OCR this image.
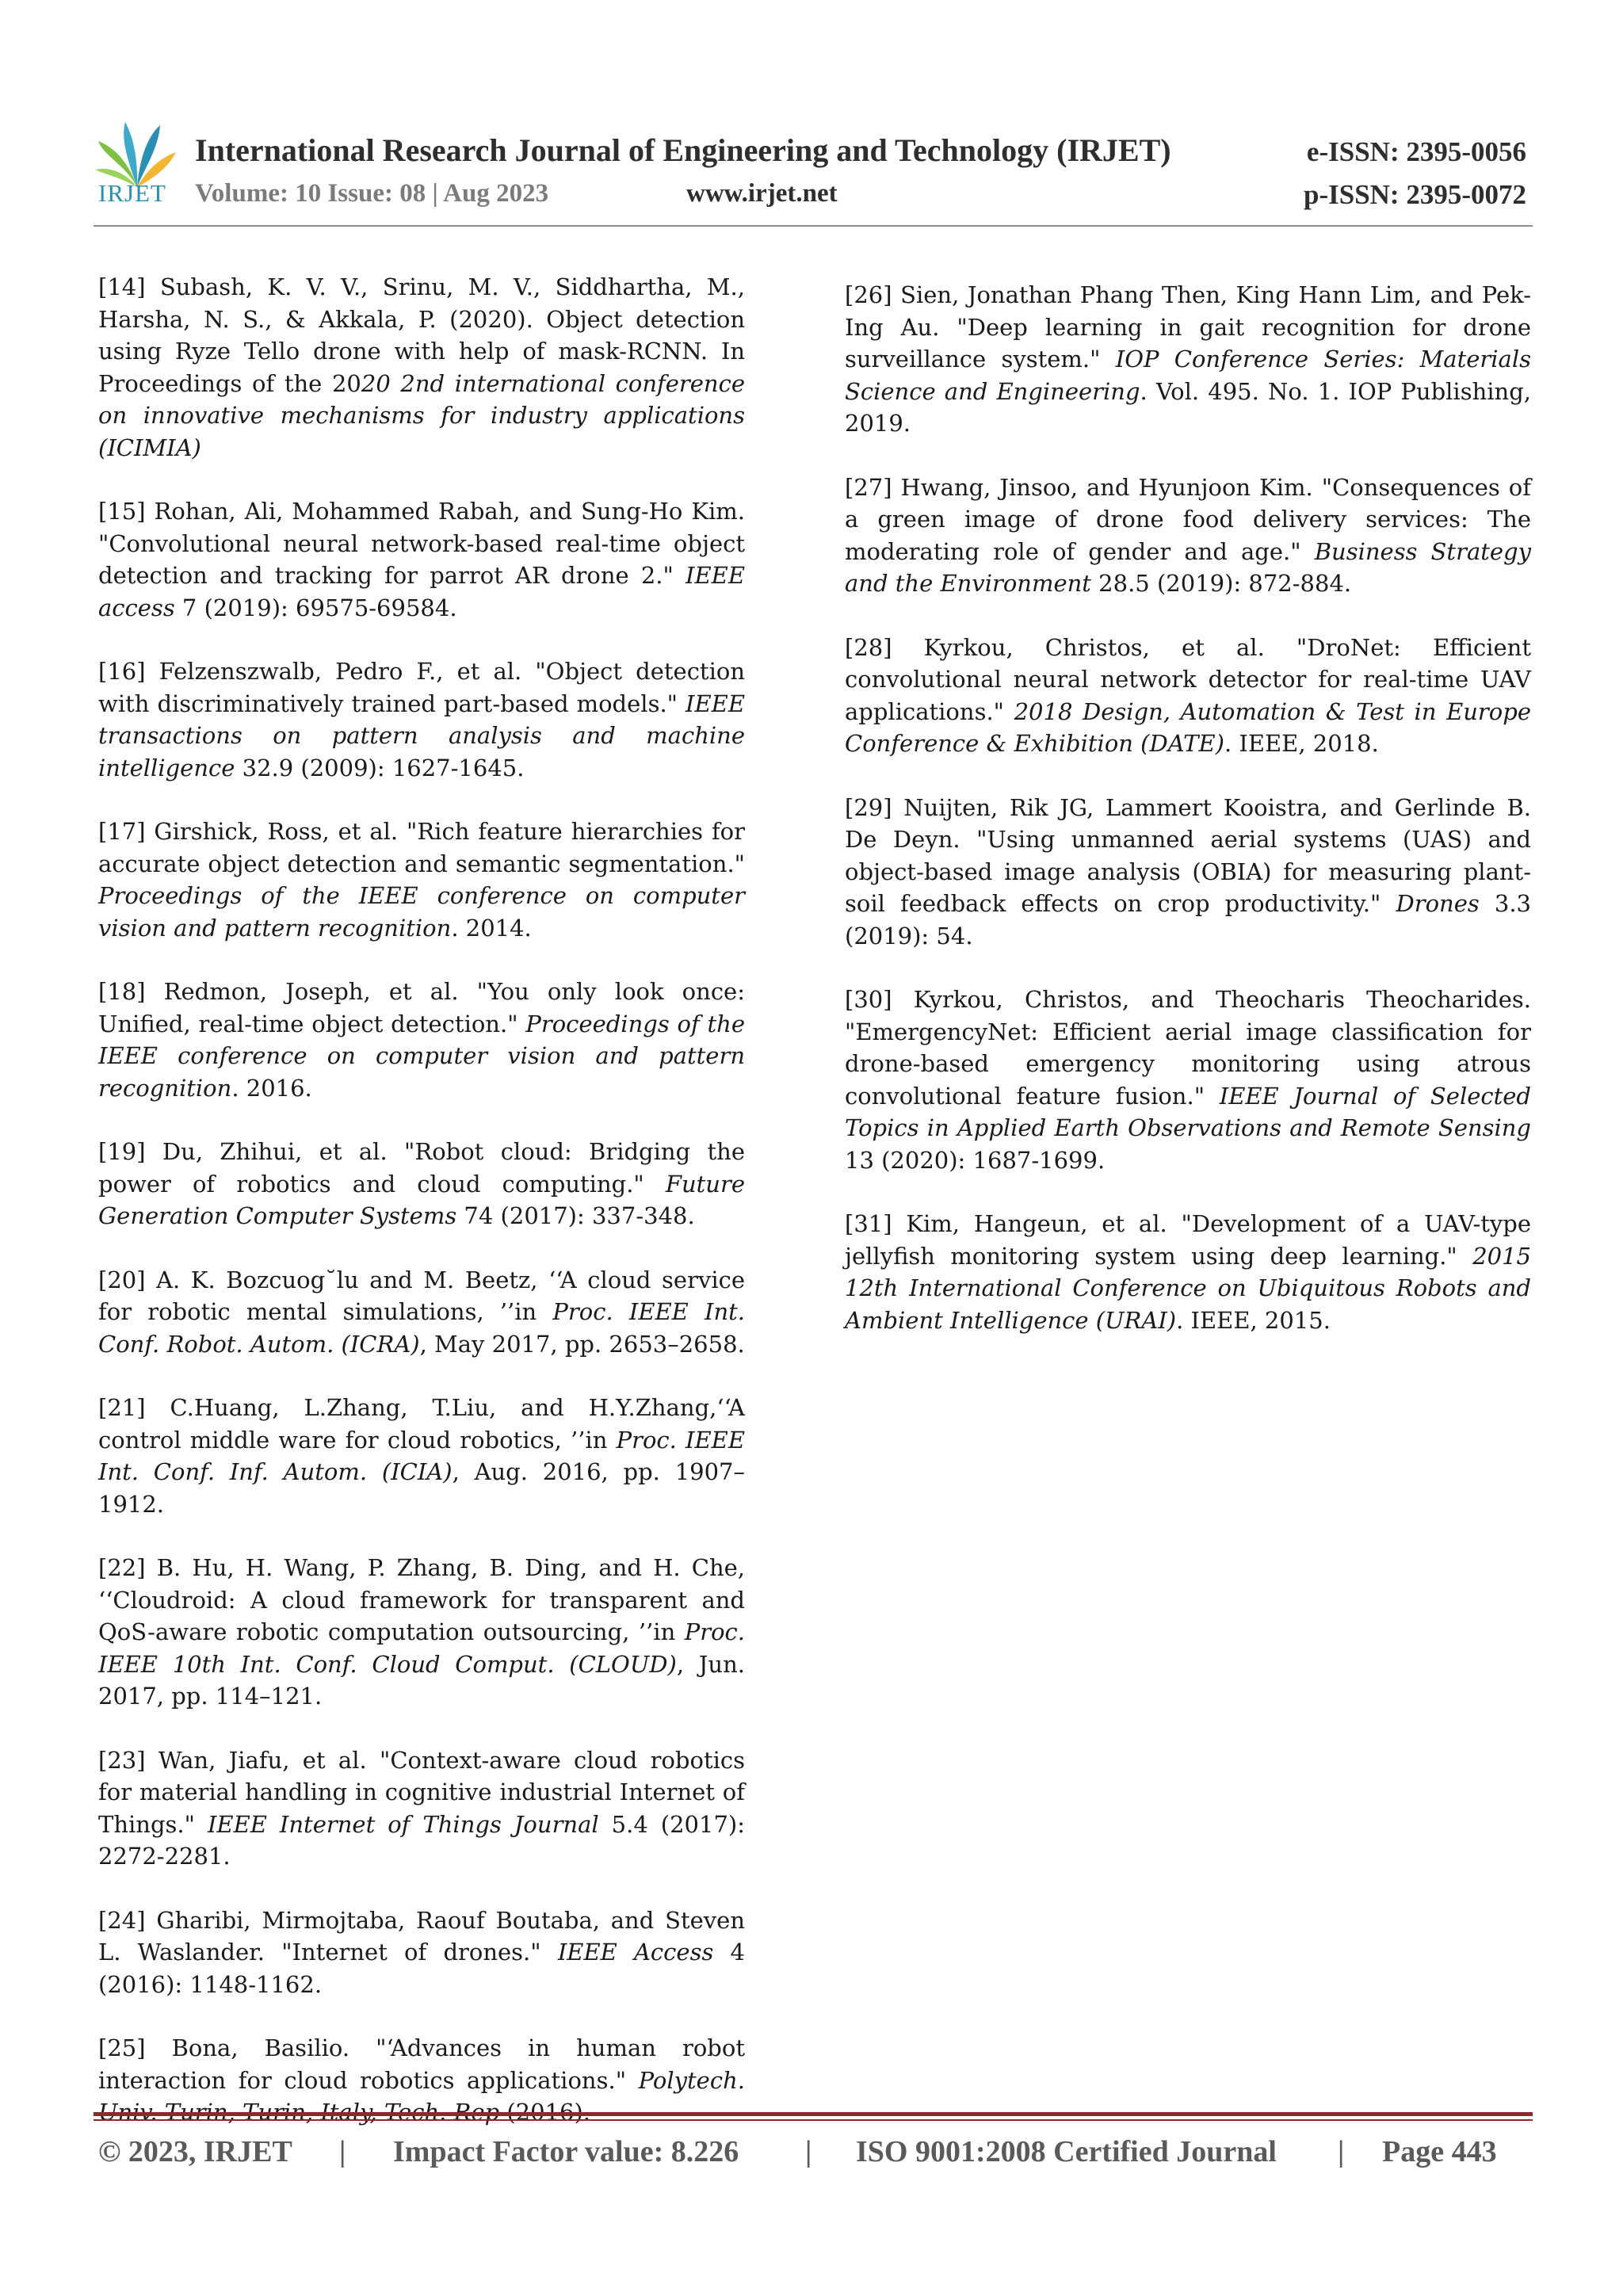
IRJET
International Research Journal of Engineering and Technology (IRJET)	e-ISSN: 2395-0056
Volume: 10 Issue: 08 | Aug 2023	www.irjet.net	p-ISSN: 2395-0072

[14] Subash, K. V. V., Srinu, M. V., Siddhartha, M., Harsha, N. S., & Akkala, P. (2020). Object detection using Ryze Tello drone with help of mask-RCNN. In Proceedings of the 2020 2nd international conference on innovative mechanisms for industry applications (ICIMIA)

[15] Rohan, Ali, Mohammed Rabah, and Sung-Ho Kim. "Convolutional neural network-based real-time object detection and tracking for parrot AR drone 2." IEEE access 7 (2019): 69575-69584.

[16] Felzenszwalb, Pedro F., et al. "Object detection with discriminatively trained part-based models." IEEE transactions on pattern analysis and machine intelligence 32.9 (2009): 1627-1645.

[17] Girshick, Ross, et al. "Rich feature hierarchies for accurate object detection and semantic segmentation." Proceedings of the IEEE conference on computer vision and pattern recognition. 2014.

[18] Redmon, Joseph, et al. "You only look once: Unified, real-time object detection." Proceedings of the IEEE conference on computer vision and pattern recognition. 2016.

[19] Du, Zhihui, et al. "Robot cloud: Bridging the power of robotics and cloud computing." Future Generation Computer Systems 74 (2017): 337-348.

[20] A. K. Bozcuog˘lu and M. Beetz, ‘‘A cloud service for robotic mental simulations, ’’in Proc. IEEE Int. Conf. Robot. Autom. (ICRA), May 2017, pp. 2653–2658.

[21] C.Huang, L.Zhang, T.Liu, and H.Y.Zhang,‘‘A control middle ware for cloud robotics, ’’in Proc. IEEE Int. Conf. Inf. Autom. (ICIA), Aug. 2016, pp. 1907–1912.

[22] B. Hu, H. Wang, P. Zhang, B. Ding, and H. Che, ‘‘Cloudroid: A cloud framework for transparent and QoS-aware robotic computation outsourcing, ’’in Proc. IEEE 10th Int. Conf. Cloud Comput. (CLOUD), Jun. 2017, pp. 114–121.

[23] Wan, Jiafu, et al. "Context-aware cloud robotics for material handling in cognitive industrial Internet of Things." IEEE Internet of Things Journal 5.4 (2017): 2272-2281.

[24] Gharibi, Mirmojtaba, Raouf Boutaba, and Steven L. Waslander. "Internet of drones." IEEE Access 4 (2016): 1148-1162.

[25] Bona, Basilio. "‘Advances in human robot interaction for cloud robotics applications." Polytech.

[26] Sien, Jonathan Phang Then, King Hann Lim, and Pek-Ing Au. "Deep learning in gait recognition for drone surveillance system." IOP Conference Series: Materials Science and Engineering. Vol. 495. No. 1. IOP Publishing, 2019.

[27] Hwang, Jinsoo, and Hyunjoon Kim. "Consequences of a green image of drone food delivery services: The moderating role of gender and age." Business Strategy and the Environment 28.5 (2019): 872-884.

[28] Kyrkou, Christos, et al. "DroNet: Efficient convolutional neural network detector for real-time UAV applications." 2018 Design, Automation & Test in Europe Conference & Exhibition (DATE). IEEE, 2018.

[29] Nuijten, Rik JG, Lammert Kooistra, and Gerlinde B. De Deyn. "Using unmanned aerial systems (UAS) and object-based image analysis (OBIA) for measuring plant-soil feedback effects on crop productivity." Drones 3.3 (2019): 54.

[30] Kyrkou, Christos, and Theocharis Theocharides. "EmergencyNet: Efficient aerial image classification for drone-based emergency monitoring using atrous convolutional feature fusion." IEEE Journal of Selected Topics in Applied Earth Observations and Remote Sensing 13 (2020): 1687-1699.

[31] Kim, Hangeun, et al. "Development of a UAV-type jellyfish monitoring system using deep learning." 2015 12th International Conference on Ubiquitous Robots and Ambient Intelligence (URAI). IEEE, 2015.

© 2023, IRJET | Impact Factor value: 8.226 | ISO 9001:2008 Certified Journal | Page 443
